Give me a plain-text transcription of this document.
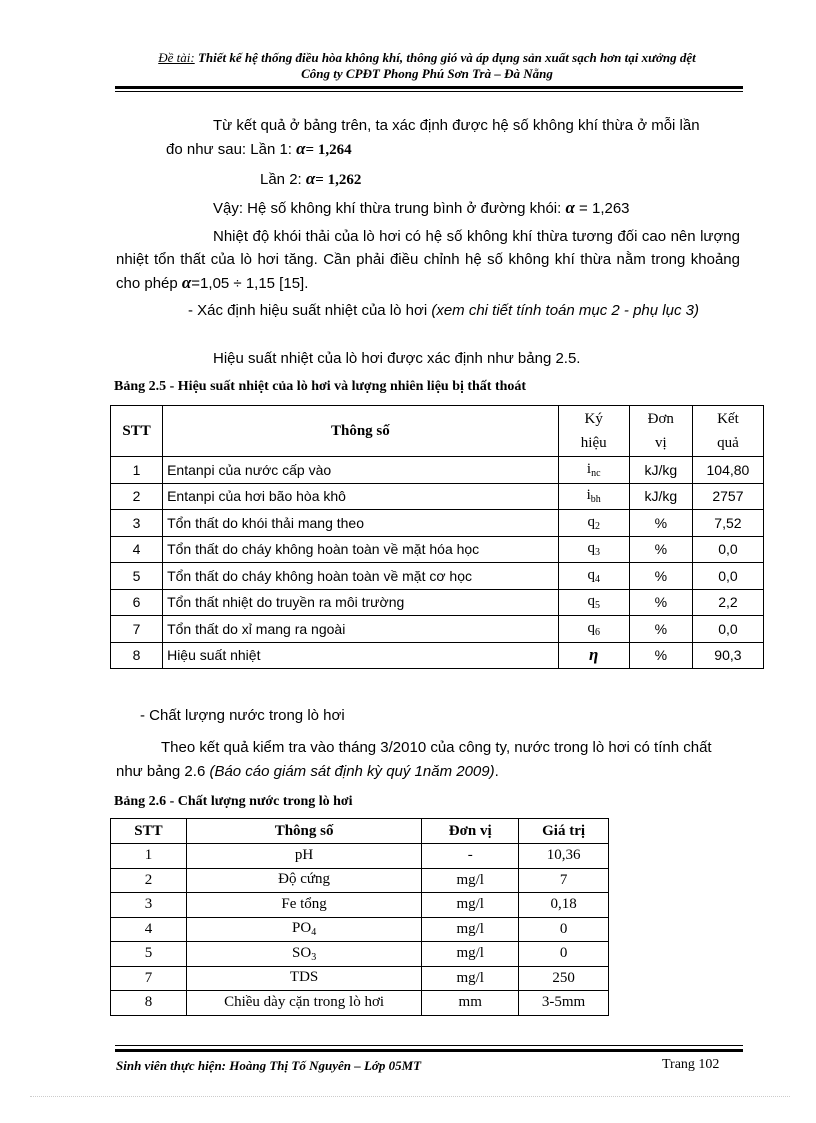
Đề tài: Thiết kế hệ thống điều hòa không khí, thông gió và áp dụng sản xuất sạch hơn tại xưởng dệt
Công ty CPĐT Phong Phú Sơn Trà – Đà Nẵng
Từ kết quả ở bảng trên, ta xác định được hệ số không khí thừa ở mỗi lần
đo như sau: Lần 1: α= 1,264
Lần 2: α= 1,262
Vậy: Hệ số không khí thừa trung bình ở đường khói: α = 1,263
Nhiệt độ khói thải của lò hơi có hệ số không khí thừa tương đối cao nên lượng nhiệt tổn thất của lò hơi tăng. Cần phải điều chỉnh hệ số không khí thừa nằm trong khoảng cho phép α=1,05 ÷ 1,15 [15].
- Xác định hiệu suất nhiệt của lò hơi (xem chi tiết tính toán mục 2 - phụ lục 3)
Hiệu suất nhiệt của lò hơi được xác định như bảng 2.5.
Bảng 2.5 - Hiệu suất nhiệt của lò hơi và lượng nhiên liệu bị thất thoát
STT	Thông số	Ký hiệu	Đơn vị	Kết quả
1	Entanpi của nước cấp vào	$i_{nc}$	kJ/kg	104,80
2	Entanpi của hơi bão hòa khô	$i_{bh}$	kJ/kg	2757
3	Tổn thất do khói thải mang theo	$q_2$	%	7,52
4	Tổn thất do cháy không hoàn toàn về mặt hóa học	$q_3$	%	0,0
5	Tổn thất do cháy không hoàn toàn về mặt cơ học	$q_4$	%	0,0
6	Tổn thất nhiệt do truyền ra môi trường	$q_5$	%	2,2
7	Tổn thất do xỉ mang ra ngoài	$q_6$	%	0,0
8	Hiệu suất nhiệt	η	%	90,3
- Chất lượng nước trong lò hơi
Theo kết quả kiểm tra vào tháng 3/2010 của công ty, nước trong lò hơi có tính chất như bảng 2.6 (Báo cáo giám sát định kỳ quý 1năm 2009).
Bảng 2.6 - Chất lượng nước trong lò hơi
STT	Thông số	Đơn vị	Giá trị
1	pH	-	10,36
2	Độ cứng	mg/l	7
3	Fe tổng	mg/l	0,18
4	$PO_4$	mg/l	0
5	$SO_3$	mg/l	0
7	TDS	mg/l	250
8	Chiều dày cặn trong lò hơi	mm	3-5mm
Sinh viên thực hiện: Hoàng Thị Tố Nguyên – Lớp 05MT	Trang 102
